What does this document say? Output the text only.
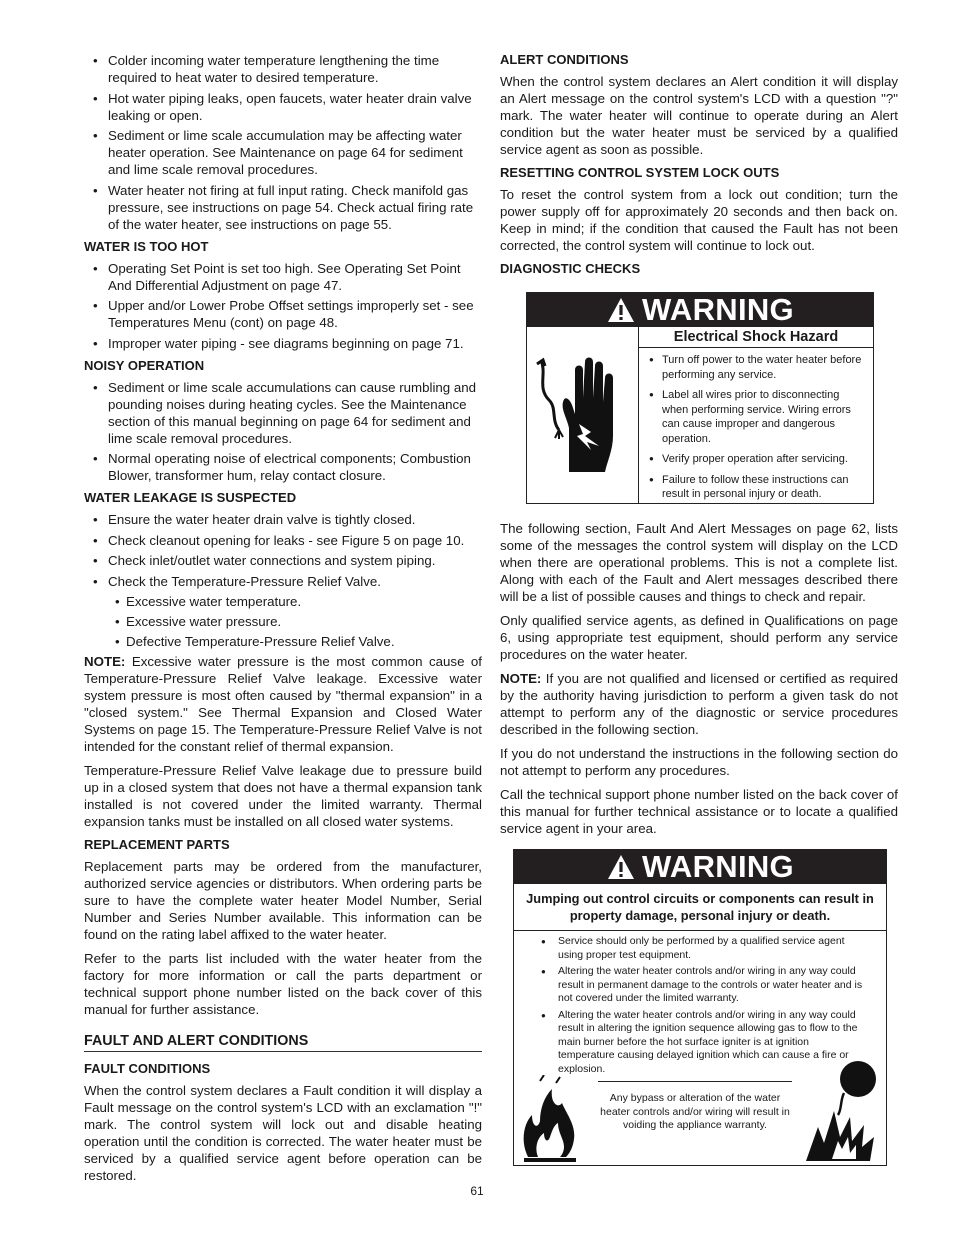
• Colder incoming water temperature lengthening the time required to heat water to desired temperature.
• Hot water piping leaks, open faucets, water heater drain valve leaking or open.
• Sediment or lime scale accumulation may be affecting water heater operation. See Maintenance on page 64 for sediment and lime scale removal procedures.
• Water heater not firing at full input rating. Check manifold gas pressure, see instructions on page 54. Check actual firing rate of the water heater, see instructions on page 55.
WATER IS TOO HOT
• Operating Set Point is set too high. See Operating Set Point And Differential Adjustment on page 47.
• Upper and/or Lower Probe Offset settings improperly set - see Temperatures Menu (cont) on page 48.
• Improper water piping - see diagrams beginning on page 71.
NOISY OPERATION
• Sediment or lime scale accumulations can cause rumbling and pounding noises during heating cycles. See the Maintenance section of this manual beginning on page 64 for sediment and lime scale removal procedures.
• Normal operating noise of electrical components; Combustion Blower, transformer hum, relay contact closure.
WATER LEAKAGE IS SUSPECTED
• Ensure the water heater drain valve is tightly closed.
• Check cleanout opening for leaks - see Figure 5 on page 10.
• Check inlet/outlet water connections and system piping.
• Check the Temperature-Pressure Relief Valve.
• Excessive water temperature.
• Excessive water pressure.
• Defective Temperature-Pressure Relief Valve.

NOTE: Excessive water pressure is the most common cause of Temperature-Pressure Relief Valve leakage. Excessive water system pressure is most often caused by "thermal expansion" in a "closed system." See Thermal Expansion and Closed Water Systems on page 15. The Temperature-Pressure Relief Valve is not intended for the constant relief of thermal expansion.

Temperature-Pressure Relief Valve leakage due to pressure build up in a closed system that does not have a thermal expansion tank installed is not covered under the limited warranty. Thermal expansion tanks must be installed on all closed water systems.

REPLACEMENT PARTS

Replacement parts may be ordered from the manufacturer, authorized service agencies or distributors. When ordering parts be sure to have the complete water heater Model Number, Serial Number and Series Number available. This information can be found on the rating label affixed to the water heater.

Refer to the parts list included with the water heater from the factory for more information or call the parts department or technical support phone number listed on the back cover of this manual for further assistance.

FAULT AND ALERT CONDITIONS
FAULT CONDITIONS

When the control system declares a Fault condition it will display a Fault message on the control system's LCD with an exclamation "!" mark. The control system will lock out and disable heating operation until the condition is corrected. The water heater must be serviced by a qualified service agent before operation can be restored.

ALERT CONDITIONS

When the control system declares an Alert condition it will display an Alert message on the control system's LCD with a question "?" mark. The water heater will continue to operate during an Alert condition but the water heater must be serviced by a qualified service agent as soon as possible.

RESETTING CONTROL SYSTEM LOCK OUTS

To reset the control system from a lock out condition; turn the power supply off for approximately 20 seconds and then back on. Keep in mind; if the condition that caused the Fault has not been corrected, the control system will continue to lock out.

DIAGNOSTIC CHECKS
WARNING
Electrical Shock Hazard
● Turn off power to the water heater before performing any service.
● Label all wires prior to disconnecting when performing service. Wiring errors can cause improper and dangerous operation.
● Verify proper operation after servicing.
● Failure to follow these instructions can result in personal injury or death.

The following section, Fault And Alert Messages on page 62, lists some of the messages the control system will display on the LCD when there are operational problems. This is not a complete list. Along with each of the Fault and Alert messages described there will be a list of possible causes and things to check and repair.

Only qualified service agents, as defined in Qualifications on page 6, using appropriate test equipment, should perform any service procedures on the water heater.

NOTE: If you are not qualified and licensed or certified as required by the authority having jurisdiction to perform a given task do not attempt to perform any of the diagnostic or service procedures described in the following section.

If you do not understand the instructions in the following section do not attempt to perform any procedures.

Call the technical support phone number listed on the back cover of this manual for further technical assistance or to locate a qualified service agent in your area.

WARNING
Jumping out control circuits or components can result in property damage, personal injury or death.
● Service should only be performed by a qualified service agent using proper test equipment.
● Altering the water heater controls and/or wiring in any way could result in permanent damage to the controls or water heater and is not covered under the limited warranty.
● Altering the water heater controls and/or wiring in any way could result in altering the ignition sequence allowing gas to flow to the main burner before the hot surface igniter is at ignition temperature causing delayed ignition which can cause a fire or explosion.
Any bypass or alteration of the water heater controls and/or wiring will result in voiding the appliance warranty.
61
